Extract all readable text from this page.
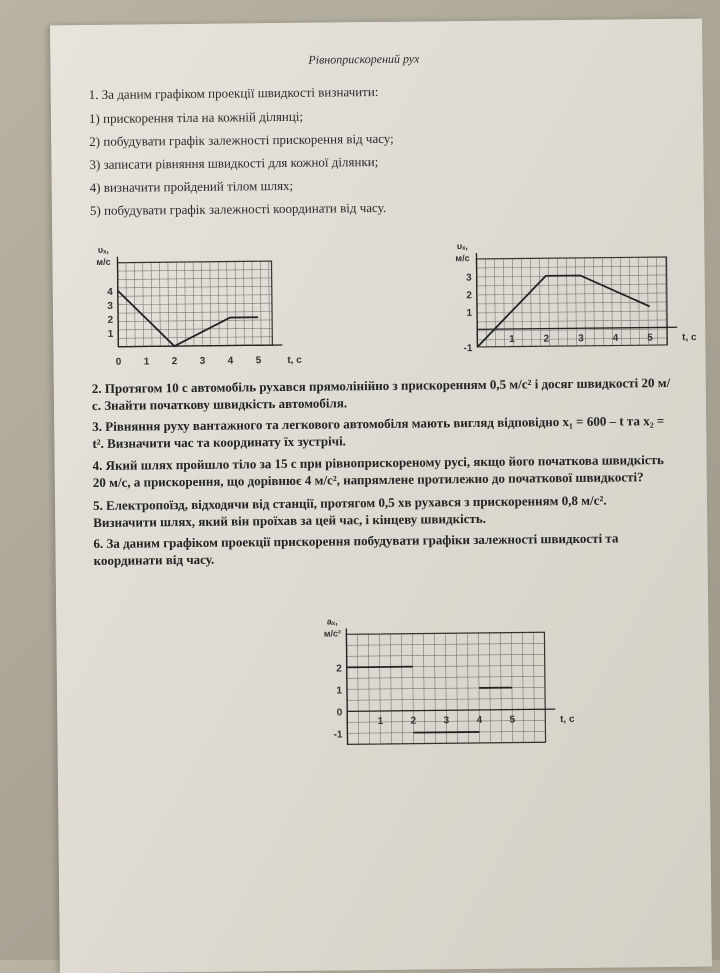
Рівноприскорений рух
1. За даним графіком проекції швидкості визначити:
1) прискорення тіла на кожній ділянці;
2) побудувати графік залежності прискорення від часу;
3) записати рівняння швидкості для кожної ділянки;
4) визначити пройдений тілом шлях;
5) побудувати графік залежності координати від часу.
0 1 2 3 4 5
1
2
3
4
υₓ,
м/с
t, с
1	2	3	4	5
-1
1
2
3
υₓ,
м/с
t, с
2. Протягом 10 с автомобіль рухався прямолінійно з прискоренням 0,5 м/с² і досяг швидкості 20 м/с. Знайти початкову швидкість автомобіля.
3. Рівняння руху вантажного та легкового автомобіля мають вигляд відповідно x₁ = 600 – t та x₂ = t². Визначити час та координату їх зустрічі.
4. Який шлях пройшло тіло за 15 с при рівноприскореному русі, якщо його початкова швидкість 20 м/с, а прискорення, що дорівнює 4 м/с², напрямлене протилежно до початкової швидкості?
5. Електропоїзд, відходячи від станції, протягом 0,5 хв рухався з прискоренням 0,8 м/с². Визначити шлях, який він проїхав за цей час, і кінцеву швидкість.
6. За даним графіком проекції прискорення побудувати графіки залежності швидкості та координати від часу.
1	2	3	4	5
-1
0
1
2
aₓ,
м/с²
t, с
